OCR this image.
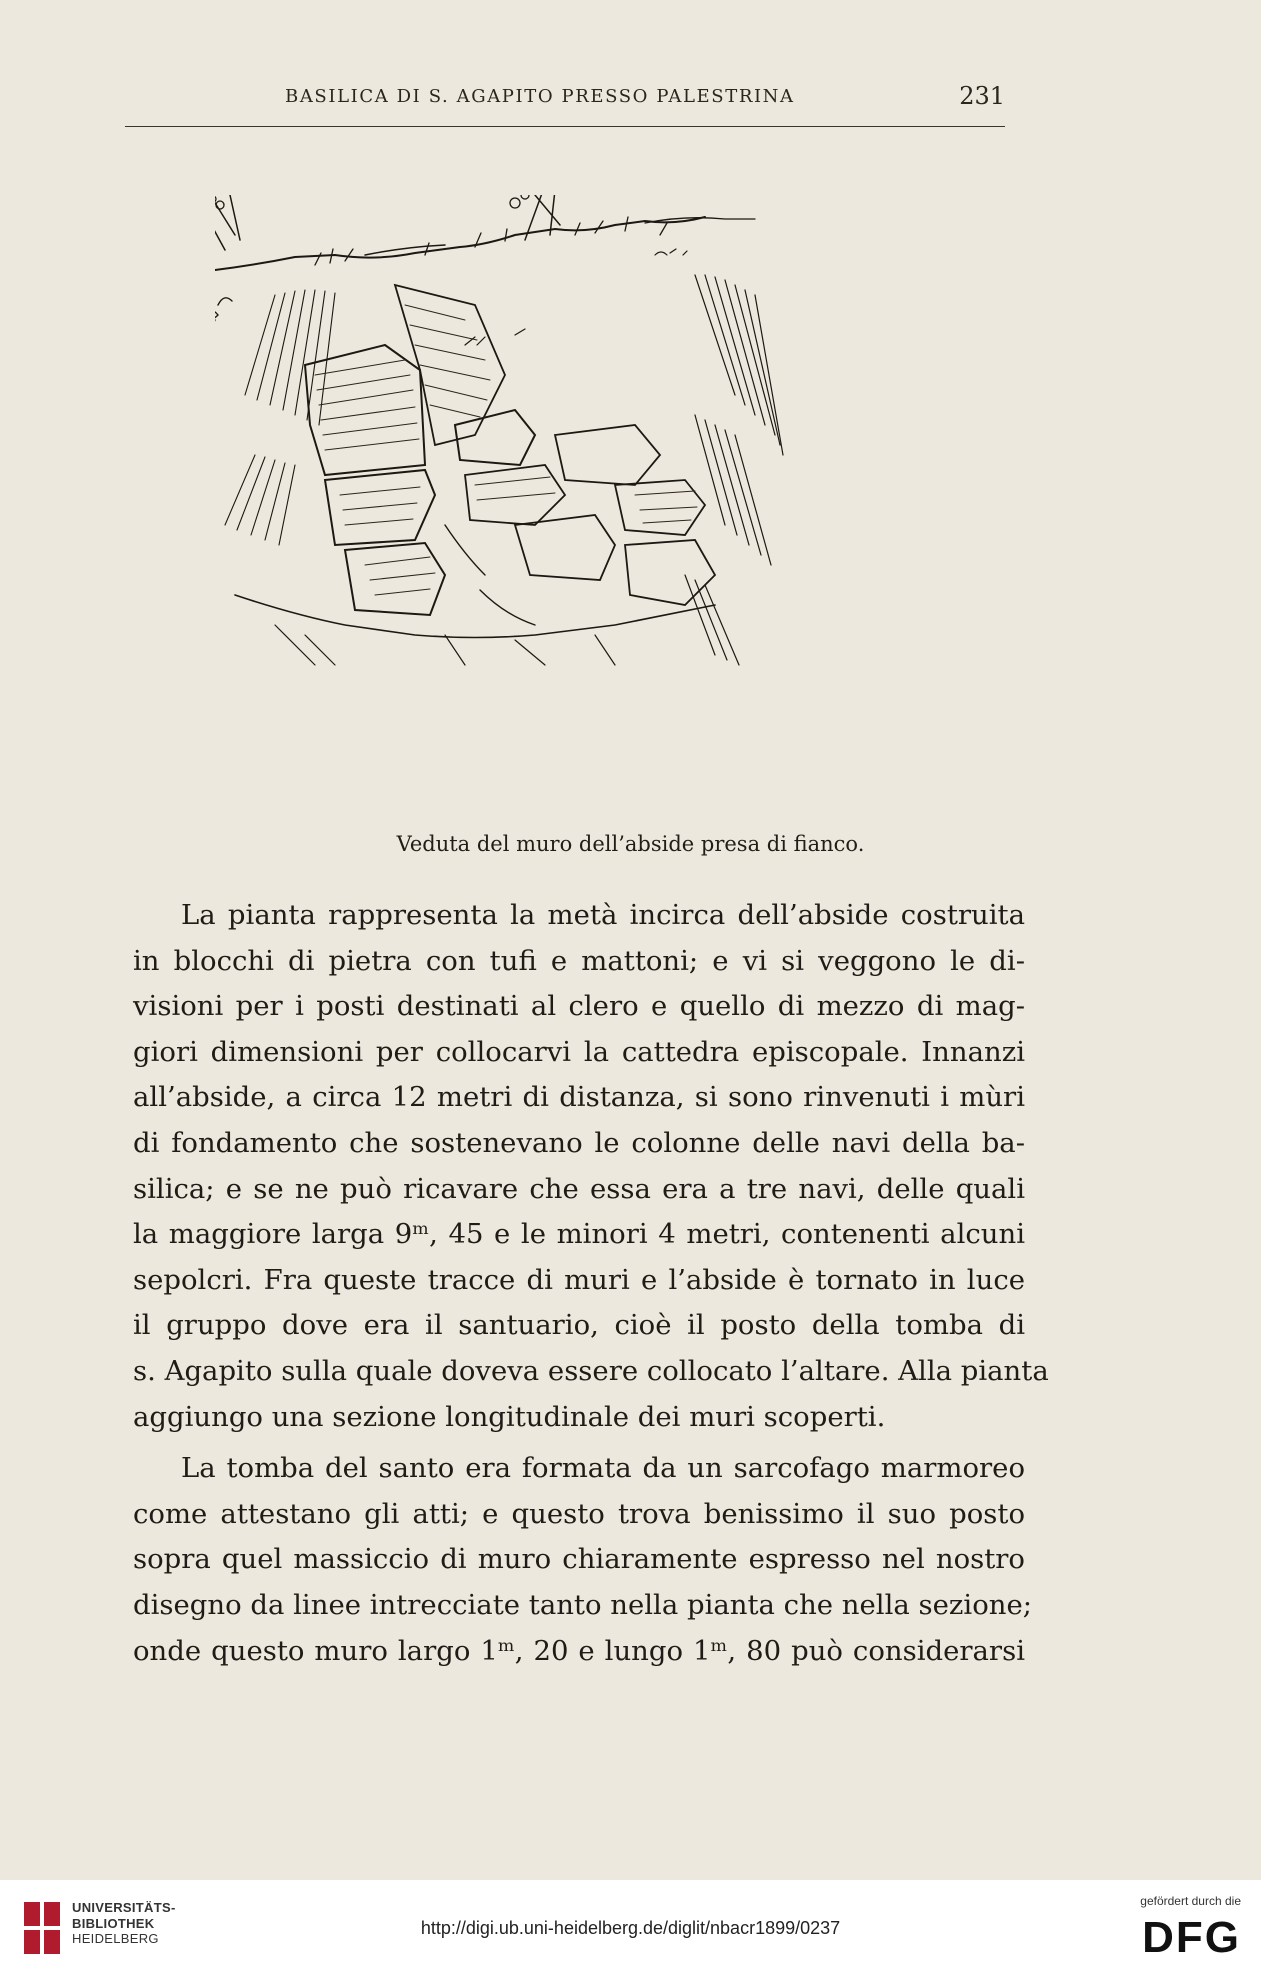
BASILICA DI S. AGAPITO PRESSO PALESTRINA	231
Veduta del muro dell’abside presa di fianco.

La pianta rappresenta la metà incirca dell’abside costruita
in blocchi di pietra con tufi e mattoni; e vi si veggono le di-
visioni per i posti destinati al clero e quello di mezzo di mag-
giori dimensioni per collocarvi la cattedra episcopale. Innanzi
all’abside, a circa 12 metri di distanza, si sono rinvenuti i mùri
di fondamento che sostenevano le colonne delle navi della ba-
silica; e se ne può ricavare che essa era a tre navi, delle quali
la maggiore larga 9ᵐ, 45 e le minori 4 metri, contenenti alcuni
sepolcri. Fra queste tracce di muri e l’abside è tornato in luce
il gruppo dove era il santuario, cioè il posto della tomba di
s. Agapito sulla quale doveva essere collocato l’altare. Alla pianta
aggiungo una sezione longitudinale dei muri scoperti.

La tomba del santo era formata da un sarcofago marmoreo
come attestano gli atti; e questo trova benissimo il suo posto
sopra quel massiccio di muro chiaramente espresso nel nostro
disegno da linee intrecciate tanto nella pianta che nella sezione;
onde questo muro largo 1ᵐ, 20 e lungo 1ᵐ, 80 può considerarsi

UNIVERSITÄTS-
BIBLIOTHEK
HEIDELBERG
http://digi.ub.uni-heidelberg.de/diglit/nbacr1899/0237
gefördert durch die
DFG
